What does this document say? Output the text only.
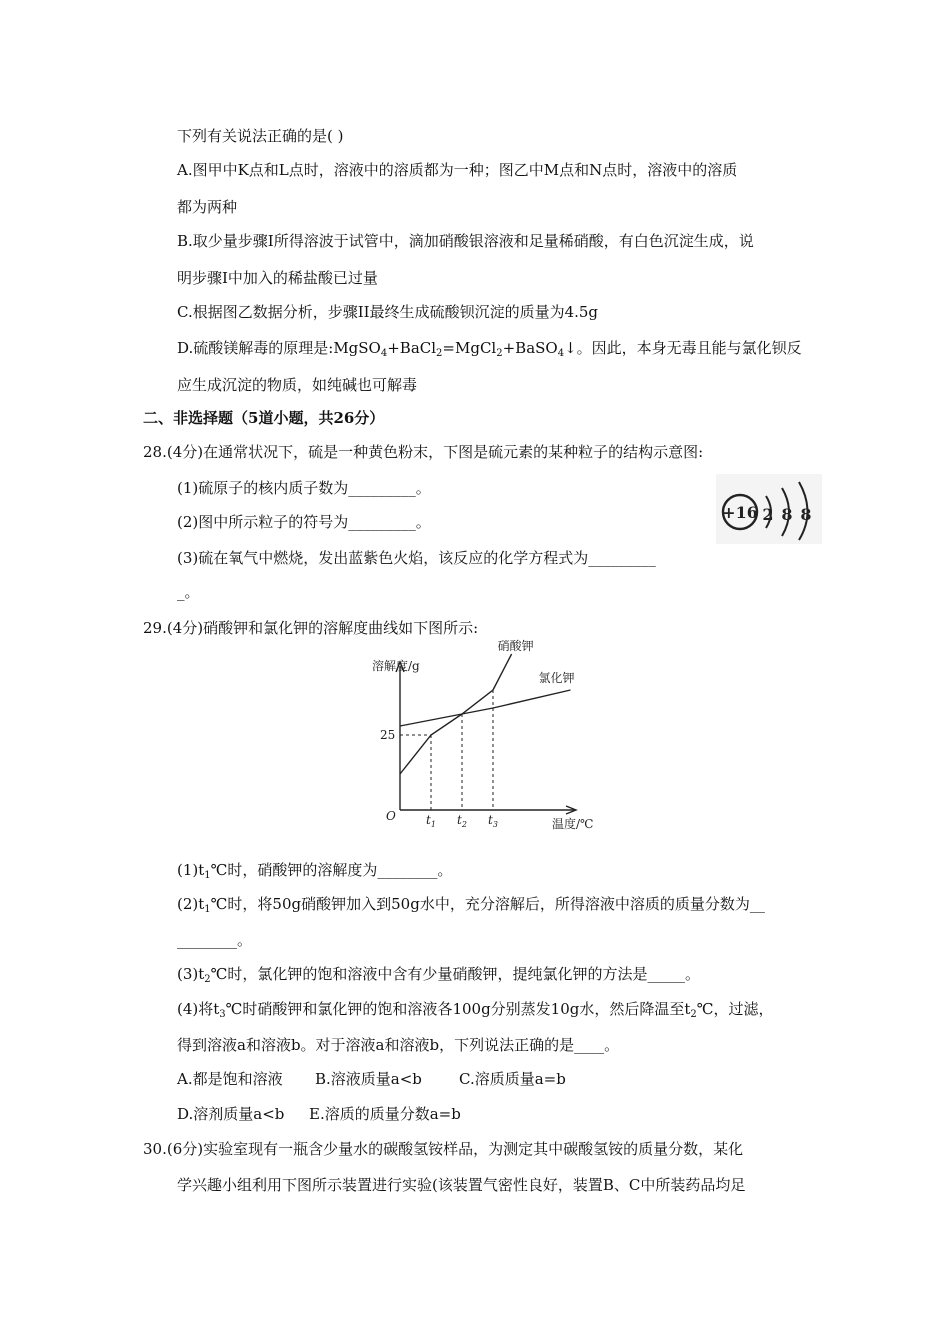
下列有关说法正确的是( )
A.图甲中K点和L点时，溶液中的溶质都为一种；图乙中M点和N点时，溶液中的溶质
都为两种
B.取少量步骤I所得溶波于试管中，滴加硝酸银溶液和足量稀硝酸，有白色沉淀生成，说
明步骤I中加入的稀盐酸已过量
C.根据图乙数据分析，步骤II最终生成硫酸钡沉淀的质量为4.5g
D.硫酸镁解毒的原理是:MgSO$_4$+BaCl$_2$=MgCl$_2$+BaSO$_4$↓。因此，本身无毒且能与氯化钡反
应生成沉淀的物质，如纯碱也可解毒
二、非选择题（5道小题，共26分）
28.(4分)在通常状况下，硫是一种黄色粉末，下图是硫元素的某种粒子的结构示意图:
(1)硫原子的核内质子数为_________。
(2)图中所示粒子的符号为_________。
(3)硫在氧气中燃烧，发出蓝紫色火焰，该反应的化学方程式为_________
_。
+16 2 8 8
29.(4分)硝酸钾和氯化钾的溶解度曲线如下图所示:
溶解度/g
温度/℃
O
25
硝酸钾
氯化钾
$t_1$ $t_2$ $t_3$
$(1)t_1℃$时，硝酸钾的溶解度为________。
$(2)t_1℃$时，将50g硝酸钾加入到50g水中，充分溶解后，所得溶液中溶质的质量分数为__
________。
$(3)t_2℃$时，氯化钾的饱和溶液中含有少量硝酸钾，提纯氯化钾的方法是_____。
(4)将$t_3℃$时硝酸钾和氯化钾的饱和溶液各100g分别蒸发10g水，然后降温至$t_2℃$，过滤，
得到溶液a和溶液b。对于溶液a和溶液b，下列说法正确的是____。
A.都是饱和溶液 B.溶液质量a<b C.溶质质量a=b
D.溶剂质量a<b E.溶质的质量分数a=b
30.(6分)实验室现有一瓶含少量水的碳酸氢铵样品，为测定其中碳酸氢铵的质量分数，某化
学兴趣小组利用下图所示装置进行实验(该装置气密性良好，装置B、C中所装药品均足
